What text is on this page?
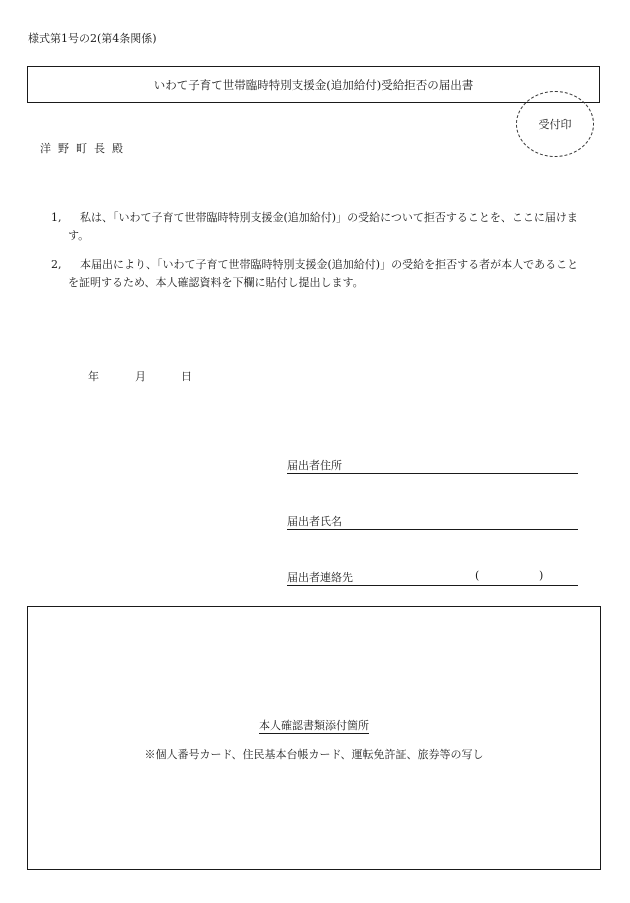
様式第1号の2(第4条関係)
いわて子育て世帯臨時特別支援金(追加給付)受給拒否の届出書
受付印
洋野町長殿
1,	私は、「いわて子育て世帯臨時特別支援金(追加給付)」の受給について拒否することを、ここに届けます。
2,	本届出により、「いわて子育て世帯臨時特別支援金(追加給付)」の受給を拒否する者が本人であることを証明するため、本人確認資料を下欄に貼付し提出します。
年	月	日
届出者住所
届出者氏名
届出者連絡先	(	)
本人確認書類添付箇所
※個人番号カード、住民基本台帳カード、運転免許証、旅券等の写し
